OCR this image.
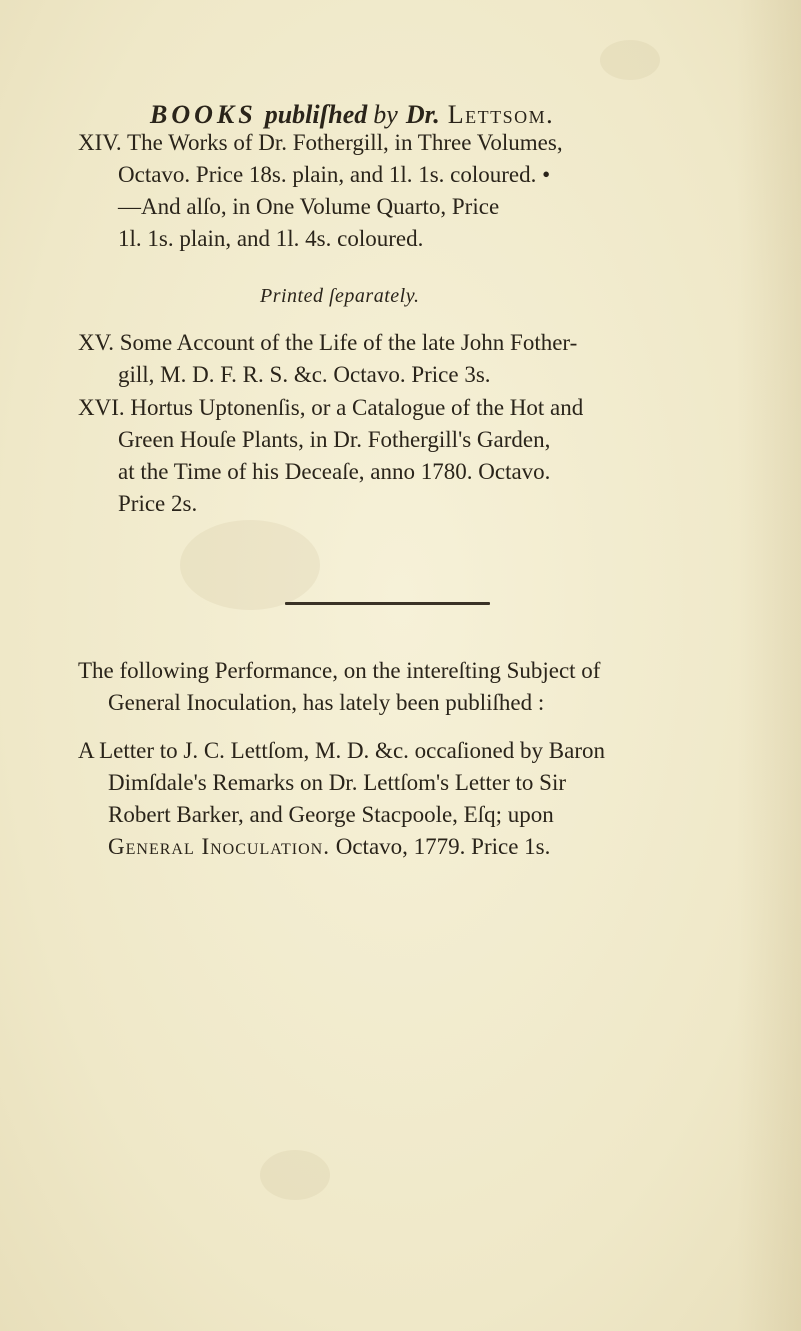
BOOKS publiſhed by Dr. Lettsom.
XIV. The Works of Dr. Fothergill, in Three Volumes,
Octavo. Price 18s. plain, and 1l. 1s. coloured. •
—And alſo, in One Volume Quarto, Price
1l. 1s. plain, and 1l. 4s. coloured.
Printed ſeparately.
XV. Some Account of the Life of the late John Fother-
gill, M. D. F. R. S. &c. Octavo. Price 3s.
XVI. Hortus Uptonenſis, or a Catalogue of the Hot and
Green Houſe Plants, in Dr. Fothergill's Garden,
at the Time of his Deceaſe, anno 1780. Octavo.
Price 2s.
The following Performance, on the intereſting Subject of
General Inoculation, has lately been publiſhed :
A Letter to J. C. Lettſom, M. D. &c. occaſioned by Baron
Dimſdale's Remarks on Dr. Lettſom's Letter to Sir
Robert Barker, and George Stacpoole, Eſq; upon
General Inoculation. Octavo, 1779. Price 1s.
